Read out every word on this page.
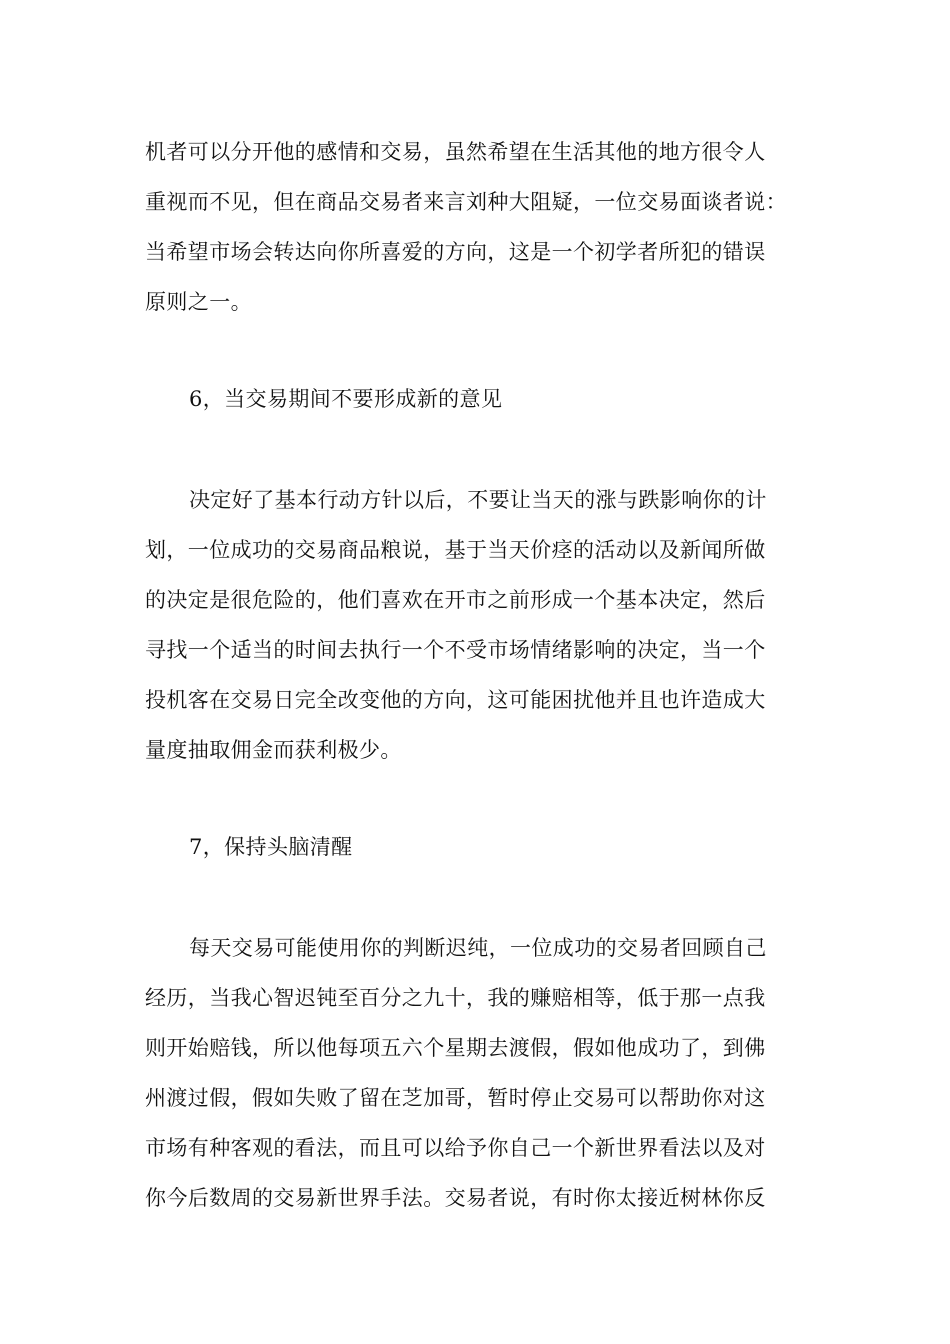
机者可以分开他的感情和交易，虽然希望在生活其他的地方很令人
重视而不见，但在商品交易者来言刘种大阻疑，一位交易面谈者说：
当希望市场会转达向你所喜爱的方向，这是一个初学者所犯的错误
原则之一。
6，当交易期间不要形成新的意见
决定好了基本行动方针以后，不要让当天的涨与跌影响你的计
划，一位成功的交易商品粮说，基于当天价痉的活动以及新闻所做
的决定是很危险的，他们喜欢在开市之前形成一个基本决定，然后
寻找一个适当的时间去执行一个不受市场情绪影响的决定，当一个
投机客在交易日完全改变他的方向，这可能困扰他并且也许造成大
量度抽取佣金而获利极少。
7，保持头脑清醒
每天交易可能使用你的判断迟纯，一位成功的交易者回顾自己
经历，当我心智迟钝至百分之九十，我的赚赔相等，低于那一点我
则开始赔钱，所以他每项五六个星期去渡假，假如他成功了，到佛
州渡过假，假如失败了留在芝加哥，暂时停止交易可以帮助你对这
市场有种客观的看法，而且可以给予你自己一个新世界看法以及对
你今后数周的交易新世界手法。交易者说，有时你太接近树林你反
